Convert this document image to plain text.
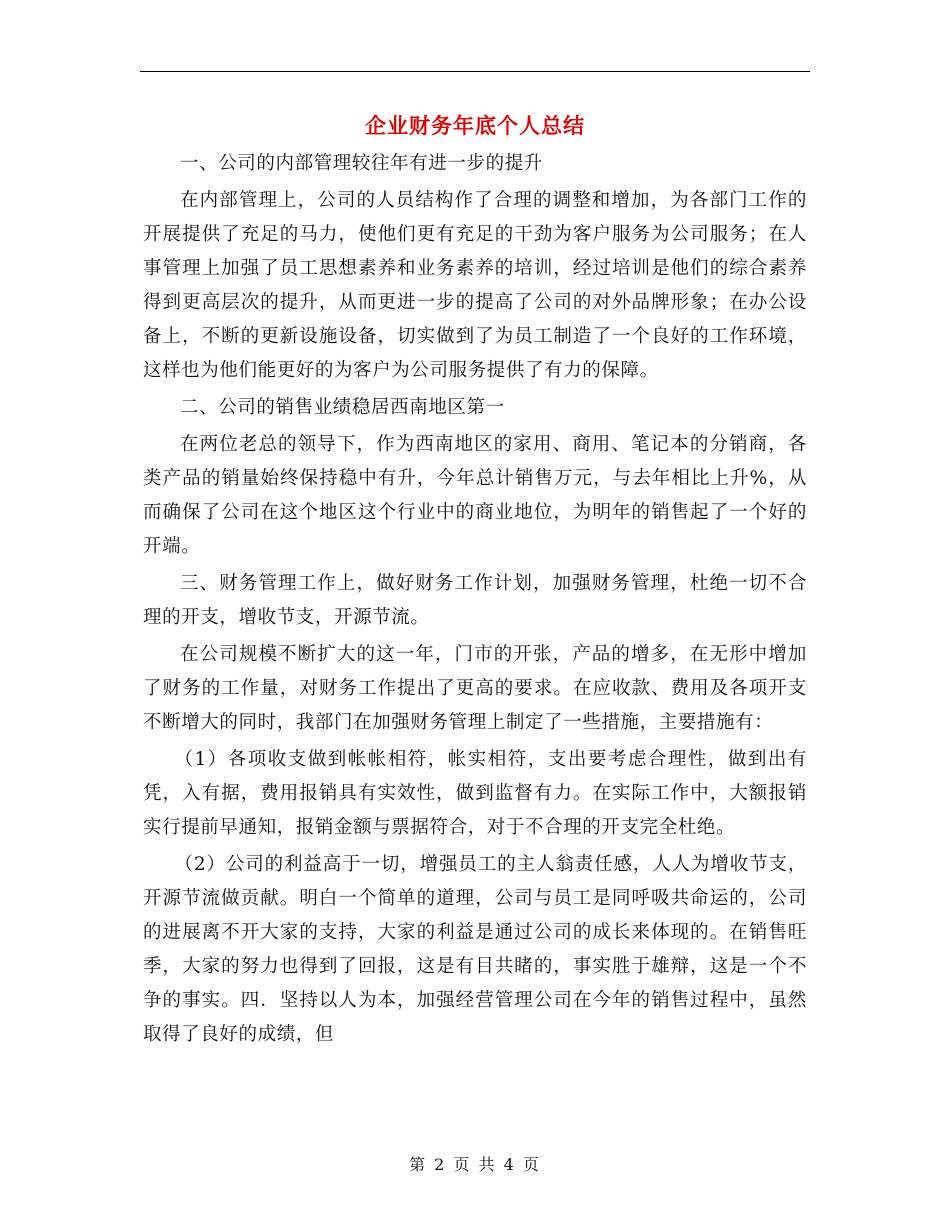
企业财务年底个人总结

一、公司的内部管理较往年有进一步的提升

在内部管理上，公司的人员结构作了合理的调整和增加，为各部门工作的开展提供了充足的马力，使他们更有充足的干劲为客户服务为公司服务；在人事管理上加强了员工思想素养和业务素养的培训，经过培训是他们的综合素养得到更高层次的提升，从而更进一步的提高了公司的对外品牌形象；在办公设备上，不断的更新设施设备，切实做到了为员工制造了一个良好的工作环境，这样也为他们能更好的为客户为公司服务提供了有力的保障。

二、公司的销售业绩稳居西南地区第一

在两位老总的领导下，作为西南地区的家用、商用、笔记本的分销商，各类产品的销量始终保持稳中有升，今年总计销售万元，与去年相比上升%，从而确保了公司在这个地区这个行业中的商业地位，为明年的销售起了一个好的开端。

三、财务管理工作上，做好财务工作计划，加强财务管理，杜绝一切不合理的开支，增收节支，开源节流。

在公司规模不断扩大的这一年，门市的开张，产品的增多，在无形中增加了财务的工作量，对财务工作提出了更高的要求。在应收款、费用及各项开支不断增大的同时，我部门在加强财务管理上制定了一些措施，主要措施有：

（1）各项收支做到帐帐相符，帐实相符，支出要考虑合理性，做到出有凭，入有据，费用报销具有实效性，做到监督有力。在实际工作中，大额报销实行提前早通知，报销金额与票据符合，对于不合理的开支完全杜绝。

（2）公司的利益高于一切，增强员工的主人翁责任感，人人为增收节支，开源节流做贡献。明白一个简单的道理，公司与员工是同呼吸共命运的，公司的进展离不开大家的支持，大家的利益是通过公司的成长来体现的。在销售旺季，大家的努力也得到了回报，这是有目共睹的，事实胜于雄辩，这是一个不争的事实。四．坚持以人为本，加强经营管理公司在今年的销售过程中，虽然取得了良好的成绩，但

第 2 页 共 4 页
